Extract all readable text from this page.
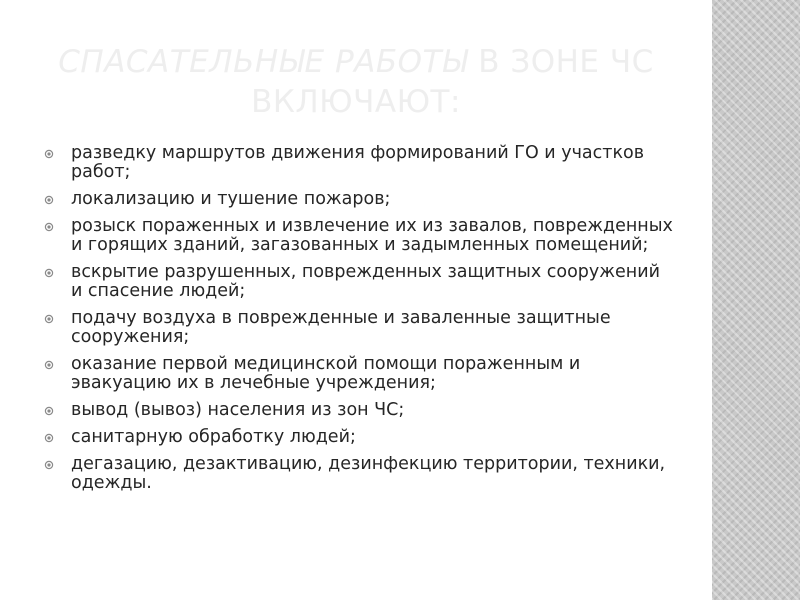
СПАСАТЕЛЬНЫЕ РАБОТЫ В ЗОНЕ ЧС ВКЛЮЧАЮТ:
разведку маршрутов движения формирований ГО и участков работ;
локализацию и тушение пожаров;
розыск пораженных и извлечение их из завалов, поврежденных и горящих зданий, загазованных и задымленных помещений;
вскрытие разрушенных, поврежденных защитных сооружений и спасение людей;
подачу воздуха в поврежденные и заваленные защитные сооружения;
оказание первой медицинской помощи пораженным и эвакуацию их в лечебные учреждения;
вывод (вывоз) населения из зон ЧС;
санитарную обработку людей;
дегазацию, дезактивацию, дезинфекцию территории, техники, одежды.
